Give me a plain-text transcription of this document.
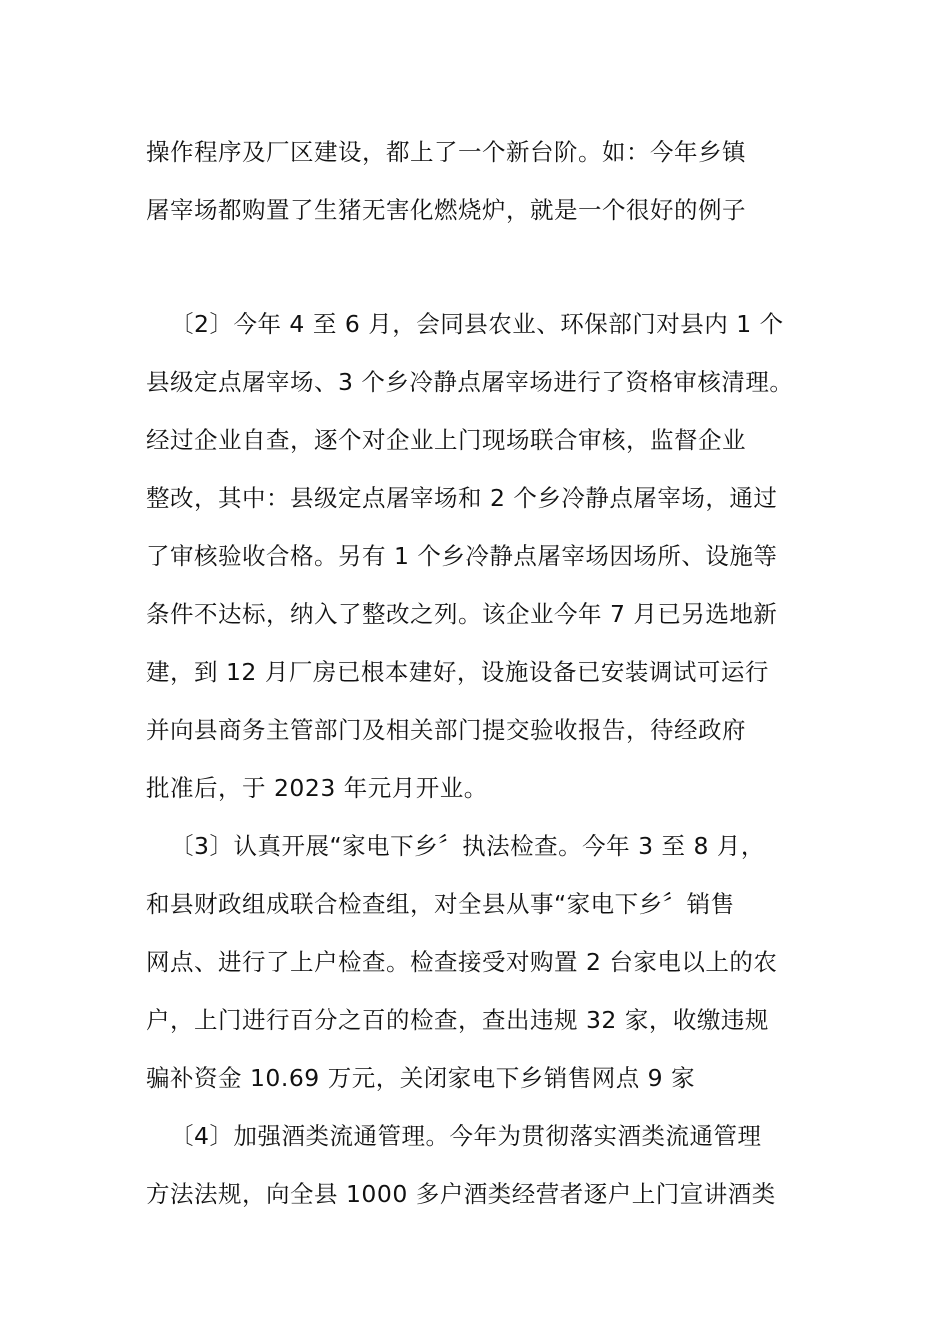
操作程序及厂区建设，都上了一个新台阶。如：今年乡镇
屠宰场都购置了生猪无害化燃烧炉，就是一个很好的例子
〔2〕今年 4 至 6 月，会同县农业、环保部门对县内 1 个
县级定点屠宰场、3 个乡冷静点屠宰场进行了资格审核清理。
经过企业自查，逐个对企业上门现场联合审核，监督企业
整改，其中：县级定点屠宰场和 2 个乡冷静点屠宰场，通过
了审核验收合格。另有 1 个乡冷静点屠宰场因场所、设施等
条件不达标，纳入了整改之列。该企业今年 7 月已另选地新
建，到 12 月厂房已根本建好，设施设备已安装调试可运行
并向县商务主管部门及相关部门提交验收报告，待经政府
批准后，于 2023 年元月开业。
〔3〕认真开展“家电下乡〞执法检查。今年 3 至 8 月，
和县财政组成联合检查组，对全县从事“家电下乡〞销售
网点、进行了上户检查。检查接受对购置 2 台家电以上的农
户，上门进行百分之百的检查，查出违规 32 家，收缴违规
骗补资金 10.69 万元，关闭家电下乡销售网点 9 家
〔4〕加强酒类流通管理。今年为贯彻落实酒类流通管理
方法法规，向全县 1000 多户酒类经营者逐户上门宣讲酒类
